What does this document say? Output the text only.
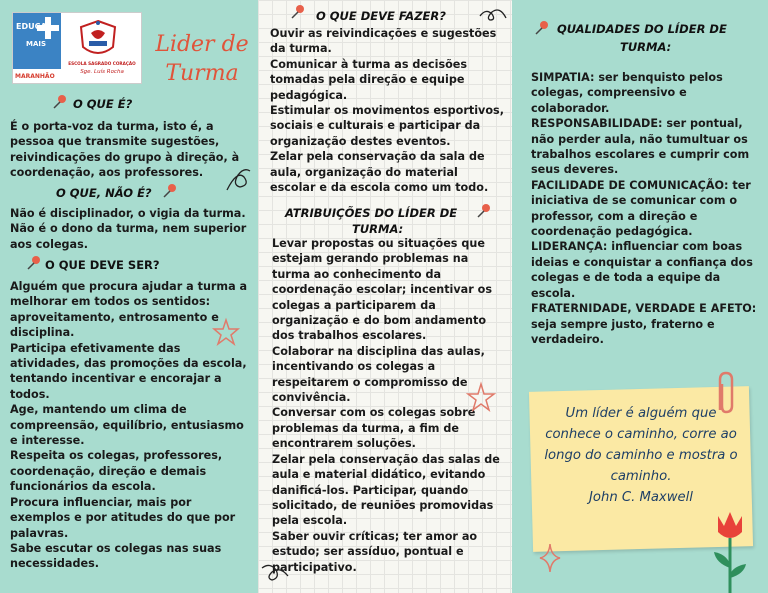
EDUCA
MAIS
MARANHÃO
ESCOLA SAGRADO CORAÇÃO
Sge. Luís Rocha
Lider de
Turma
O QUE É?
É o porta-voz da turma, isto é, a pessoa que transmite sugestões, reivindicações do grupo à direção, à coordenação, aos professores.
O QUE, NÃO É?
Não é disciplinador, o vigia da turma. Não é o dono da turma, nem superior aos colegas.
O QUE DEVE SER?
Alguém que procura ajudar a turma a melhorar em todos os sentidos: aproveitamento, entrosamento e disciplina.
Participa efetivamente das atividades, das promoções da escola, tentando incentivar e encorajar a todos.
Age, mantendo um clima de compreensão, equilíbrio, entusiasmo e interesse.
Respeita os colegas, professores, coordenação, direção e demais funcionários da escola.
Procura influenciar, mais por exemplos e por atitudes do que por palavras.
Sabe escutar os colegas nas suas necessidades.
O QUE DEVE FAZER?
Ouvir as reivindicações e sugestões da turma.
Comunicar à turma as decisões tomadas pela direção e equipe pedagógica.
Estimular os movimentos esportivos, sociais e culturais e participar da organização destes eventos.
Zelar pela conservação da sala de aula, organização do material escolar e da escola como um todo.
ATRIBUIÇÕES DO LÍDER DE
TURMA:
Levar propostas ou situações que estejam gerando problemas na turma ao conhecimento da coordenação escolar; incentivar os colegas a participarem da organização e do bom andamento dos trabalhos escolares.
Colaborar na disciplina das aulas, incentivando os colegas a respeitarem o compromisso de convivência.
Conversar com os colegas sobre problemas da turma, a fim de encontrarem soluções.
Zelar pela conservação das salas de aula e material didático, evitando danificá-los. Participar, quando solicitado, de reuniões promovidas pela escola.
Saber ouvir críticas; ter amor ao estudo; ser assíduo, pontual e participativo.
QUALIDADES DO LÍDER DE
TURMA:
SIMPATIA: ser benquisto pelos colegas, compreensivo e colaborador.
RESPONSABILIDADE: ser pontual, não perder aula, não tumultuar os trabalhos escolares e cumprir com seus deveres.
FACILIDADE DE COMUNICAÇÃO: ter iniciativa de se comunicar com o professor, com a direção e coordenação pedagógica.
LIDERANÇA: influenciar com boas ideias e conquistar a confiança dos colegas e de toda a equipe da escola.
FRATERNIDADE, VERDADE E AFETO: seja sempre justo, fraterno e verdadeiro.
Um líder é alguém que conhece o caminho, corre ao longo do caminho e mostra o caminho.
John C. Maxwell
